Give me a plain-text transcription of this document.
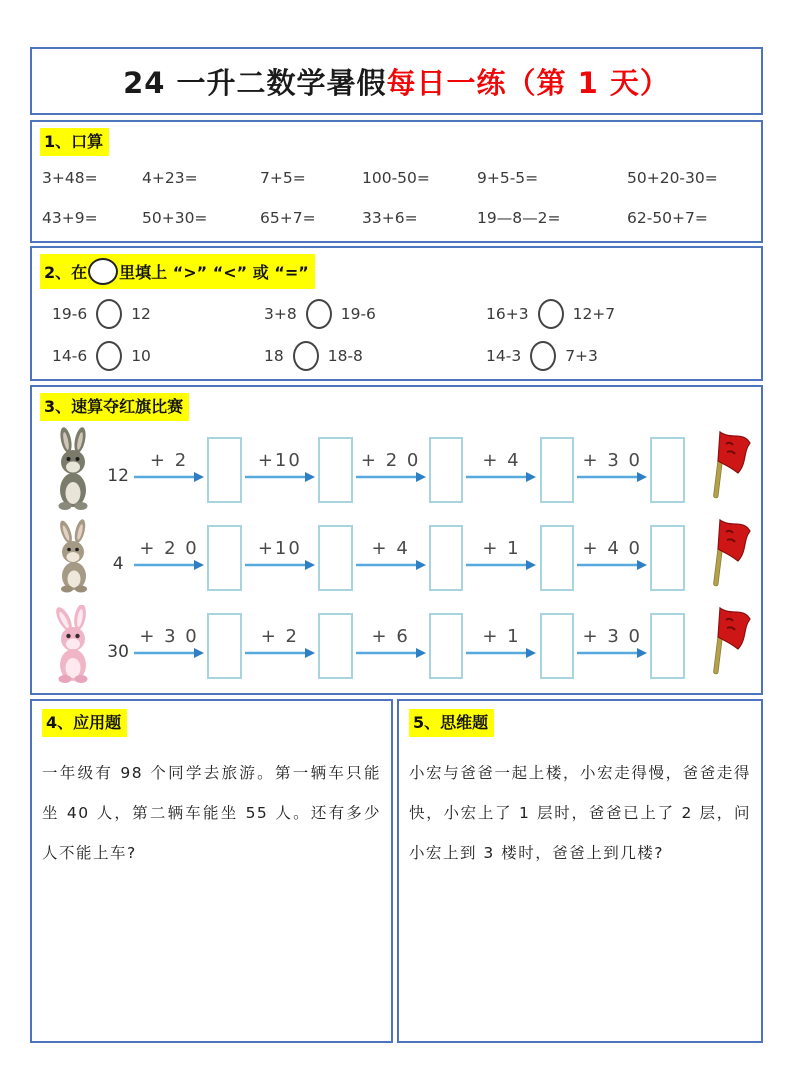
24 一升二数学暑假 每日一练（第 1 天）
1、口算
3+48=	4+23=	7+5=	100-50=	9+5-5=	50+20-30=
43+9=	50+30=	65+7=	33+6=	19—8—2=	62-50+7=
2、在 里填上 “>” “<” 或 “=”
19-6	12	3+8	19-6	16+3	12+7
14-6	10	18	18-8	14-3	7+3
3、速算夺红旗比赛
12
+ 2	+10	+ 2 0	+ 4	+ 3 0
4
+ 2 0	+10	+ 4	+ 1	+ 4 0
30
+ 3 0	+ 2	+ 6	+ 1	+ 3 0
4、应用题

一年级有 98 个同学去旅游。第一辆车只能坐 40 人，第二辆车能坐 55 人。还有多少人不能上车?

5、思维题

小宏与爸爸一起上楼，小宏走得慢，爸爸走得快，小宏上了 1 层时，爸爸已上了 2 层，问小宏上到 3 楼时，爸爸上到几楼?
